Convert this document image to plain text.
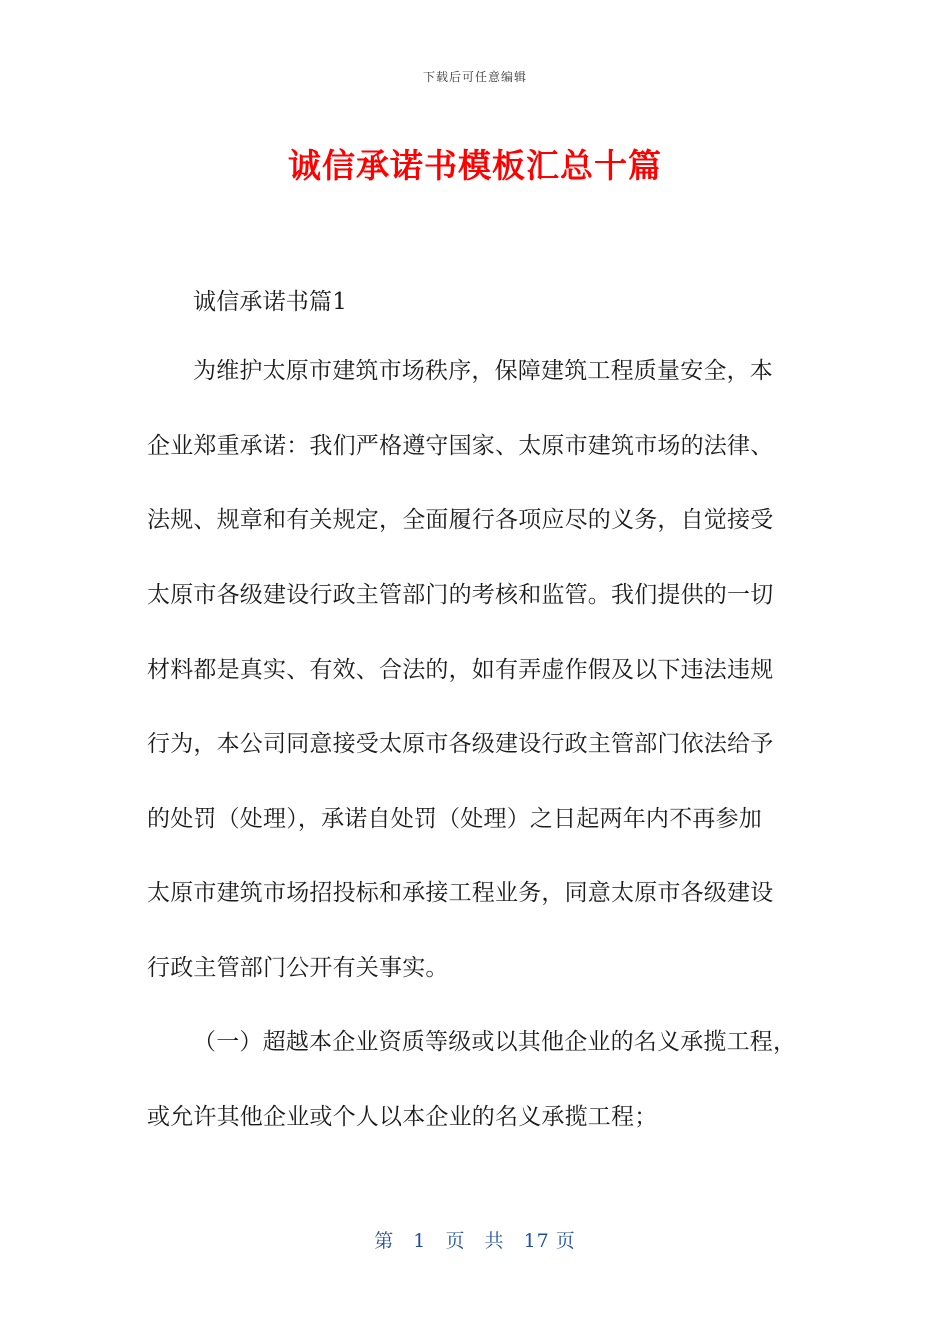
下载后可任意编辑
诚信承诺书模板汇总十篇
诚信承诺书篇1
为维护太原市建筑市场秩序，保障建筑工程质量安全，本
企业郑重承诺：我们严格遵守国家、太原市建筑市场的法律、
法规、规章和有关规定，全面履行各项应尽的义务，自觉接受
太原市各级建设行政主管部门的考核和监管。我们提供的一切
材料都是真实、有效、合法的，如有弄虚作假及以下违法违规
行为，本公司同意接受太原市各级建设行政主管部门依法给予
的处罚（处理），承诺自处罚（处理）之日起两年内不再参加
太原市建筑市场招投标和承接工程业务，同意太原市各级建设
行政主管部门公开有关事实。
（一）超越本企业资质等级或以其他企业的名义承揽工程，
或允许其他企业或个人以本企业的名义承揽工程；
第 1 页 共 17 页
